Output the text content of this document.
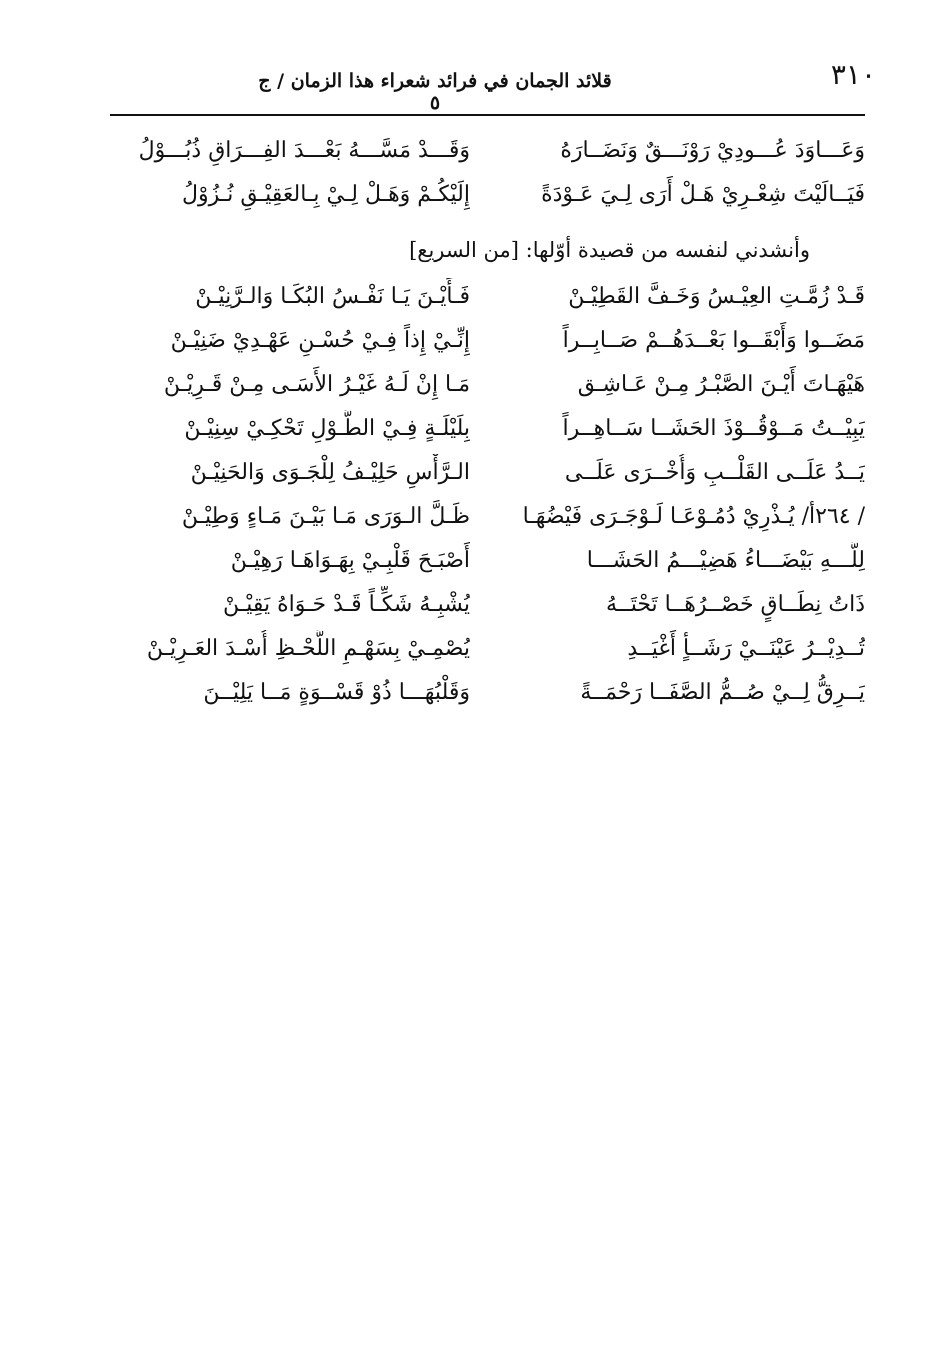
٣١٠
قلائد الجمان في فرائد شعراء هذا الزمان / ج ٥
وَعَـــاوَدَ عُـــودِيْ رَوْنَـــقٌ وَنَضَــارَهُ
وَقَـــدْ مَسَّـــهُ بَعْـــدَ الفِـــرَاقِ ذُبُـــوْلُ
فَيَــالَيْتَ شِعْـرِيْ هَـلْ أَرَى لِـيَ عَـوْدَةً
إِلَيْكُـمْ وَهَـلْ لِـيْ بِـالعَقِيْـقِ نُـزُوْلُ
وأنشدني لنفسه من قصيدة أوّلها: [من السريع]
قَـدْ زُمَّـتِ العِيْـسُ وَخَـفَّ القَطِيْـنْ
فَـأَيْـنَ يَـا نَفْـسُ البُكَـا وَالـرَّنِيْـنْ
مَضَــوا وَأَبْقَــوا بَعْــدَهُــمْ صَــابِــراً
إِنِّـيْ إِذاً فِـيْ حُسْـنِ عَهْـدِيْ ضَنِيْـنْ
هَيْهَـاتَ أَيْـنَ الصَّبْـرُ مِـنْ عَـاشِـق
مَـا إِنْ لَـهُ غَيْـرُ الأَسَـى مِـنْ قَـرِيْـنْ
يَبِيْــتُ مَــوْقُــوْذَ الحَشَــا سَــاهِــراً
بِلَيْلَـةٍ فِـيْ الطُّـوْلِ تَحْكِـيْ سِنِيْـنْ
يَــدُ عَلَــى القَلْــبِ وَأُخْــرَى عَلَــى
الـرَّأْسِ حَلِيْـفُ لِلْجَـوَى وَالحَنِيْـنْ
/ ٢٦٤أ/ يُـذْرِيْ دُمُـوْعَـا لَـوْجَـرَى فَيْضُهَـا
ظَـلَّ الـوَرَى مَـا بَيْـنَ مَـاءٍ وَطِيْـنْ
لِلَّـــهِ بَيْضَـــاءُ هَضِيْـــمُ الحَشَـــا
أَصْبَـحَ قَلْبِـيْ بِهَـوَاهَـا رَهِيْـنْ
ذَاتُ نِطَــاقٍ خَصْــرُهَــا تَحْتَــهُ
يُشْبِـهُ شَكِّـاً قَـدْ حَـوَاهُ يَقِيْـنْ
تُــدِيْــرُ عَيْنَــيْ رَشَــأٍ أَغْيَــدِ
يُصْمِـيْ بِسَهْـمِ اللَّحْـظِ أُسْـدَ العَـرِيْـنْ
يَــرِقُّ لِــيْ صُــمُّ الصَّفَــا رَحْمَــةً
وَقَلْبُهَـــا ذُوْ قَسْــوَةٍ مَــا يَلِيْــنَ
